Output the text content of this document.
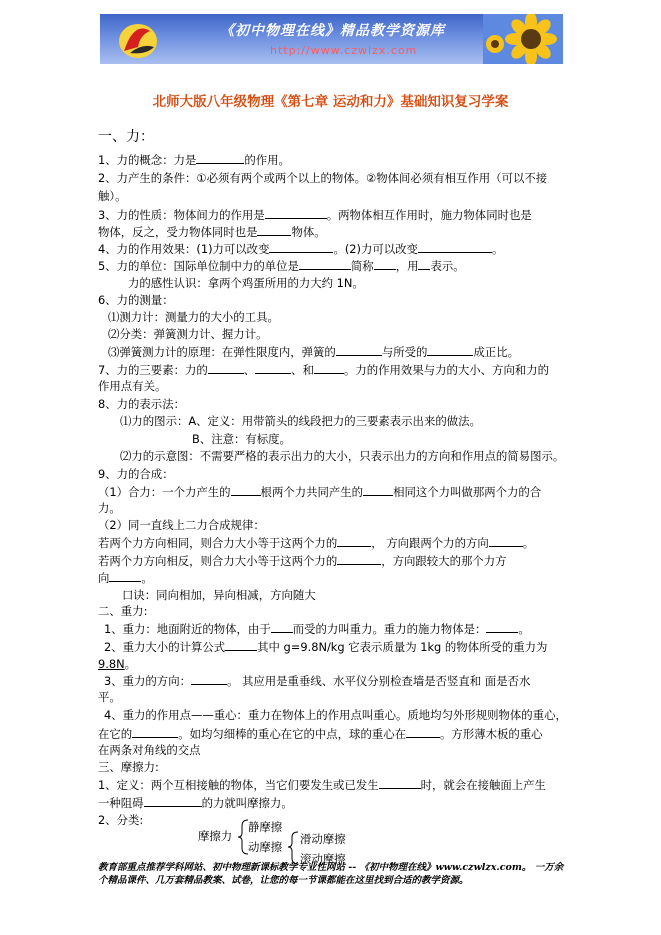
《初中物理在线》精品教学资源库
http://www.czwlzx.com
北师大版八年级物理《第七章 运动和力》基础知识复习学案
一、力：
1、力的概念：力是	的作用。
2、力产生的条件：①必须有两个或两个以上的物体。②物体间必须有相互作用（可以不接
触）。
3、力的性质：物体间力的作用是	。两物体相互作用时，施力物体同时也是
物体，反之，受力物体同时也是	物体。
4、力的作用效果：(1)力可以改变	。(2)力可以改变	。
5、力的单位：国际单位制中力的单位是	简称 ，用 表示。
力的感性认识：拿两个鸡蛋所用的力大约 1N。
6、力的测量：
⑴测力计：测量力的大小的工具。
⑵分类：弹簧测力计、握力计。
⑶弹簧测力计的原理：在弹性限度内，弹簧的	与所受的	成正比。
7、力的三要素：力的	、	、和	。力的作用效果与力的大小、方向和力的
作用点有关。
8、力的表示法：
⑴力的图示：A、定义：用带箭头的线段把力的三要素表示出来的做法。
B、注意：有标度。
⑵力的示意图：不需要严格的表示出力的大小，只表示出力的方向和作用点的简易图示。
9、力的合成：
（1）合力：一个力产生的	根两个力共同产生的	相同这个力叫做那两个力的合
力。
（2）同一直线上二力合成规律：
若两个力方向相同，则合力大小等于这两个力的	， 方向跟两个力的方向	。
若两个力方向相反，则合力大小等于这两个力的	，方向跟较大的那个力方
向	。
口诀：同向相加，异向相减，方向随大
二、重力:
1、重力：地面附近的物体，由于 而受的力叫重力。重力的施力物体是：	。
2、重力大小的计算公式	其中 g=9.8N/kg 它表示质量为 1kg 的物体所受的重力为
9.8N。
3、重力的方向：	。 其应用是重垂线、水平仪分别检查墙是否竖直和 面是否水
平。
4、重力的作用点——重心：重力在物体上的作用点叫重心。质地均匀外形规则物体的重心，
在它的	。如均匀细棒的重心在它的中点，球的重心在	。方形薄木板的重心
在两条对角线的交点
三、摩擦力:
1、定义：两个互相接触的物体，当它们要发生或已发生	时，就会在接触面上产生
一种阻碍	的力就叫摩擦力。
2、分类:
摩擦力
静摩擦
动摩擦
滑动摩擦
滚动摩擦
教育部重点推荐学科网站、初中物理新课标教学专业性网站 -- 《初中物理在线》www.czwlzx.com。 一万余个精品课件、几万套精品教案、试卷，让您的每一节课都能在这里找到合适的教学资源。
